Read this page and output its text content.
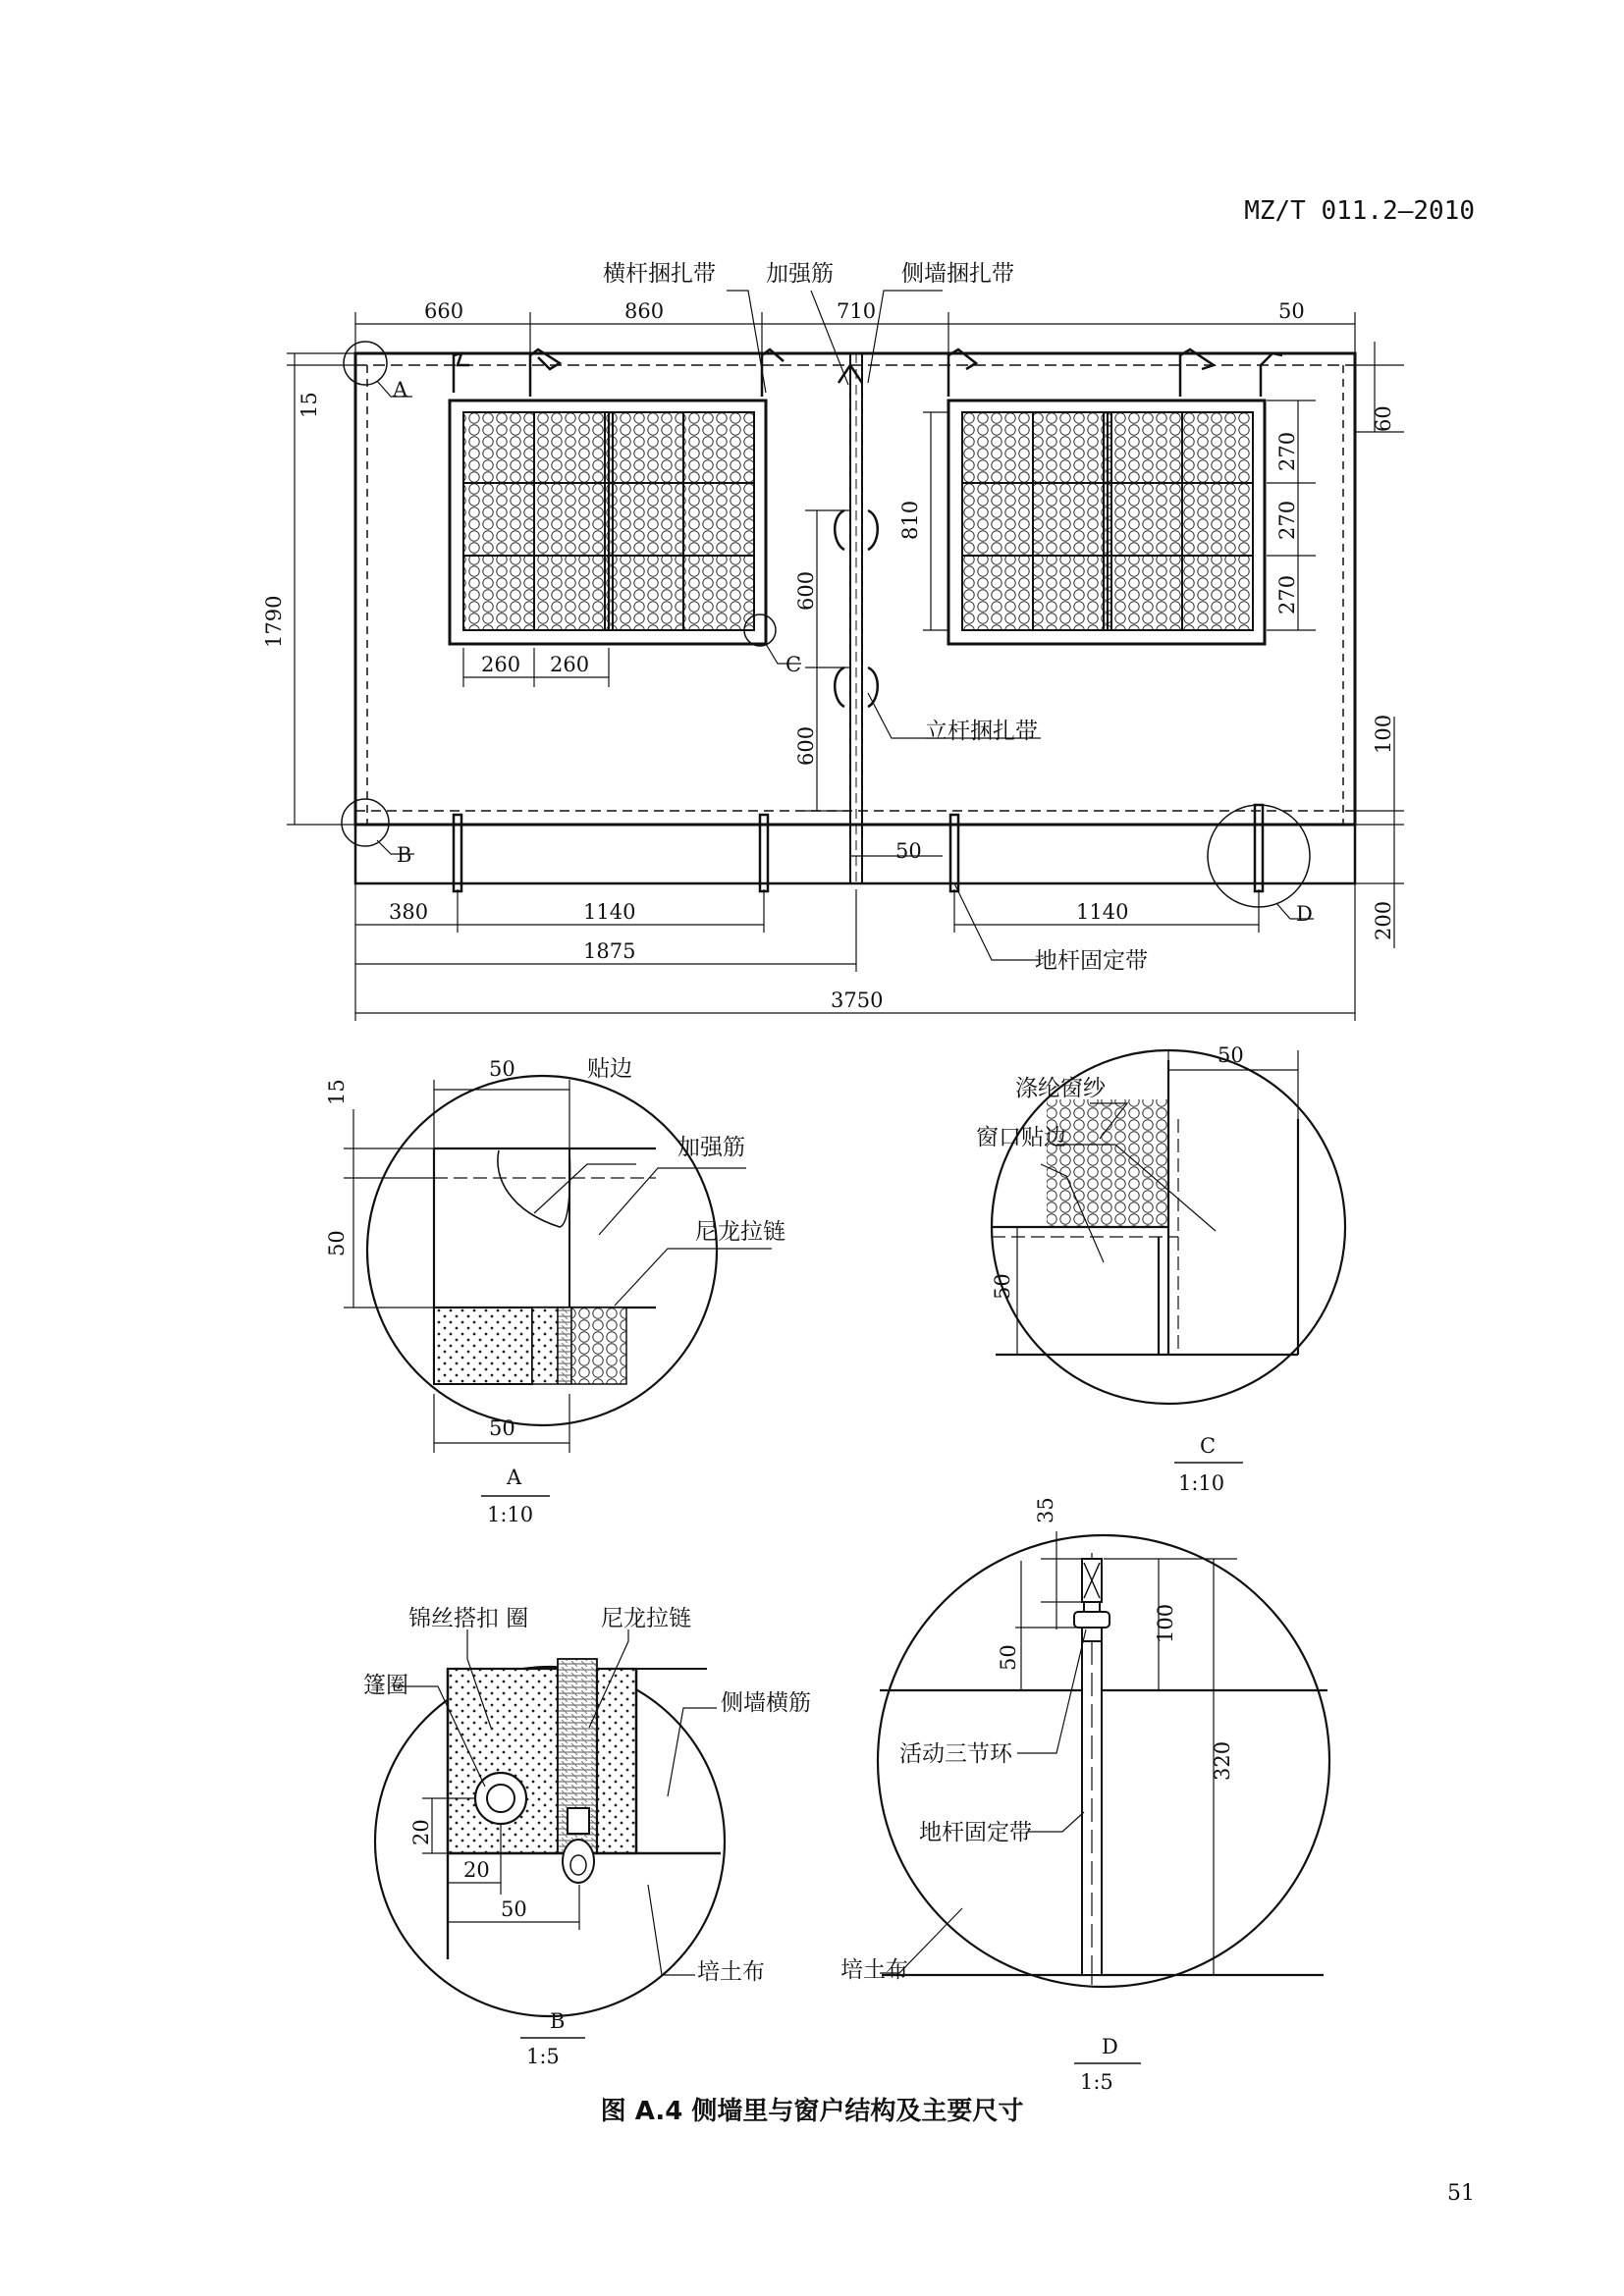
横杆捆扎带 加强筋	侧墙捆扎带
立杆捆扎带
地杆固定带
A
B
C
D
660	860	710	50
15
60
1790
810
270
270
270
600
600
260 260
100
200
50
380	1140	1140
1875
3750
贴边
加强筋
尼龙拉链
50
15
50
50
A
1:10
涤纶窗纱
窗口贴边
50
50
C
1:10
锦丝搭扣 圈	尼龙拉链
篷圈
侧墙横筋
培土布
20
20
50
B
1:5
活动三节环
地杆固定带
培土布
35
50
100
320
D
1:5
MZ/T 011.2—2010
图 A.4 侧墙里与窗户结构及主要尺寸
51
